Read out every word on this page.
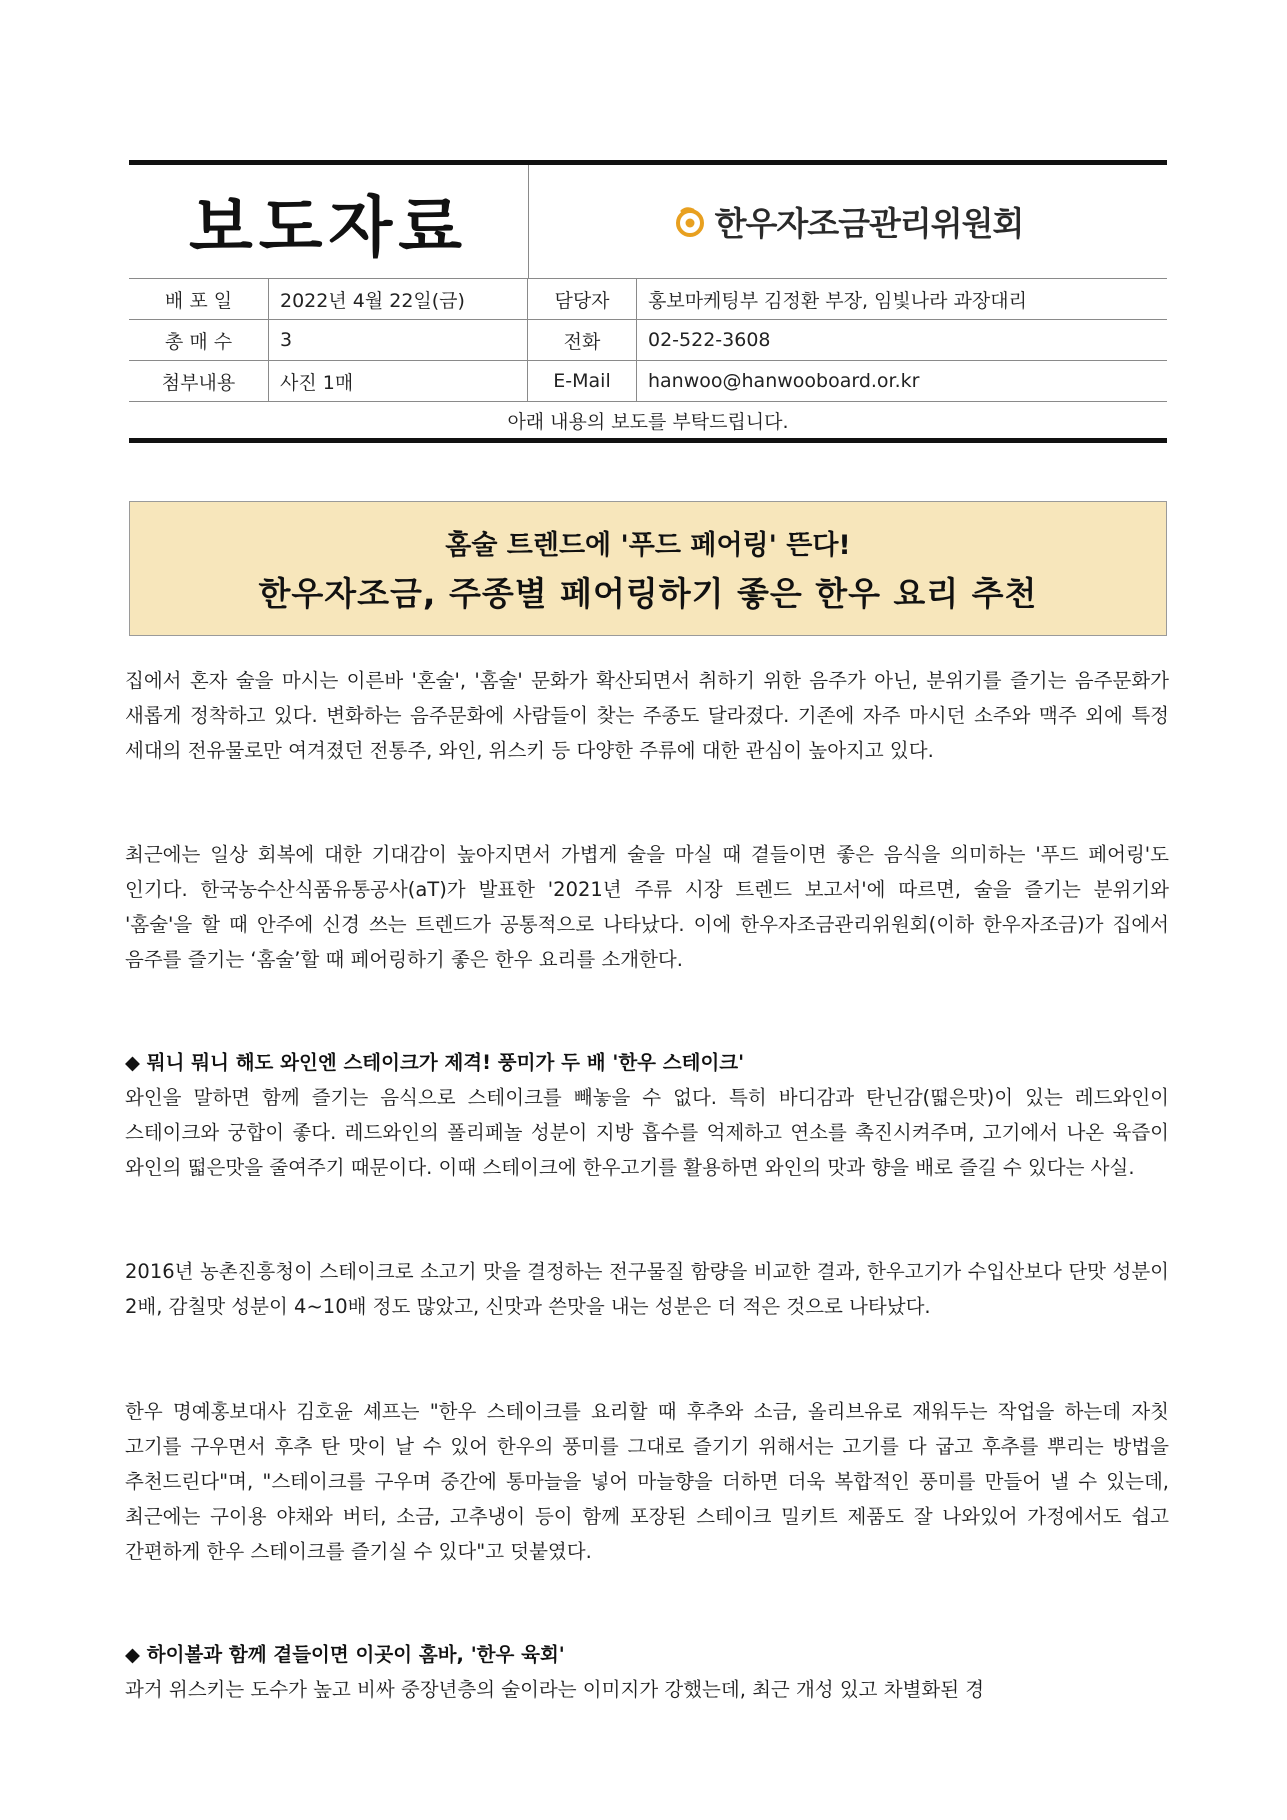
보도자료	한우자조금관리위원회
배 포 일	2022년 4월 22일(금)	담당자	홍보마케팅부 김정환 부장, 임빛나라 과장대리
총 매 수	3	전화	02-522-3608
첨부내용	사진 1매	E-Mail	hanwoo@hanwooboard.or.kr
아래 내용의 보도를 부탁드립니다.
홈술 트렌드에 '푸드 페어링' 뜬다!
한우자조금, 주종별 페어링하기 좋은 한우 요리 추천

집에서 혼자 술을 마시는 이른바 '혼술', '홈술' 문화가 확산되면서 취하기 위한 음주가 아닌, 분위기를 즐기는 음주문화가 새롭게 정착하고 있다. 변화하는 음주문화에 사람들이 찾는 주종도 달라졌다. 기존에 자주 마시던 소주와 맥주 외에 특정 세대의 전유물로만 여겨졌던 전통주, 와인, 위스키 등 다양한 주류에 대한 관심이 높아지고 있다.

최근에는 일상 회복에 대한 기대감이 높아지면서 가볍게 술을 마실 때 곁들이면 좋은 음식을 의미하는 '푸드 페어링'도 인기다. 한국농수산식품유통공사(aT)가 발표한 '2021년 주류 시장 트렌드 보고서'에 따르면, 술을 즐기는 분위기와 '홈술'을 할 때 안주에 신경 쓰는 트렌드가 공통적으로 나타났다. 이에 한우자조금관리위원회(이하 한우자조금)가 집에서 음주를 즐기는 ‘홈술’할 때 페어링하기 좋은 한우 요리를 소개한다.

◆ 뭐니 뭐니 해도 와인엔 스테이크가 제격! 풍미가 두 배 '한우 스테이크'

와인을 말하면 함께 즐기는 음식으로 스테이크를 빼놓을 수 없다. 특히 바디감과 탄닌감(떫은맛)이 있는 레드와인이 스테이크와 궁합이 좋다. 레드와인의 폴리페놀 성분이 지방 흡수를 억제하고 연소를 촉진시켜주며, 고기에서 나온 육즙이 와인의 떫은맛을 줄여주기 때문이다. 이때 스테이크에 한우고기를 활용하면 와인의 맛과 향을 배로 즐길 수 있다는 사실.

2016년 농촌진흥청이 스테이크로 소고기 맛을 결정하는 전구물질 함량을 비교한 결과, 한우고기가 수입산보다 단맛 성분이 2배, 감칠맛 성분이 4~10배 정도 많았고, 신맛과 쓴맛을 내는 성분은 더 적은 것으로 나타났다.

한우 명예홍보대사 김호윤 셰프는 "한우 스테이크를 요리할 때 후추와 소금, 올리브유로 재워두는 작업을 하는데 자칫 고기를 구우면서 후추 탄 맛이 날 수 있어 한우의 풍미를 그대로 즐기기 위해서는 고기를 다 굽고 후추를 뿌리는 방법을 추천드린다"며, "스테이크를 구우며 중간에 통마늘을 넣어 마늘향을 더하면 더욱 복합적인 풍미를 만들어 낼 수 있는데, 최근에는 구이용 야채와 버터, 소금, 고추냉이 등이 함께 포장된 스테이크 밀키트 제품도 잘 나와있어 가정에서도 쉽고 간편하게 한우 스테이크를 즐기실 수 있다"고 덧붙였다.

◆ 하이볼과 함께 곁들이면 이곳이 홈바, '한우 육회'

과거 위스키는 도수가 높고 비싸 중장년층의 술이라는 이미지가 강했는데, 최근 개성 있고 차별화된 경
